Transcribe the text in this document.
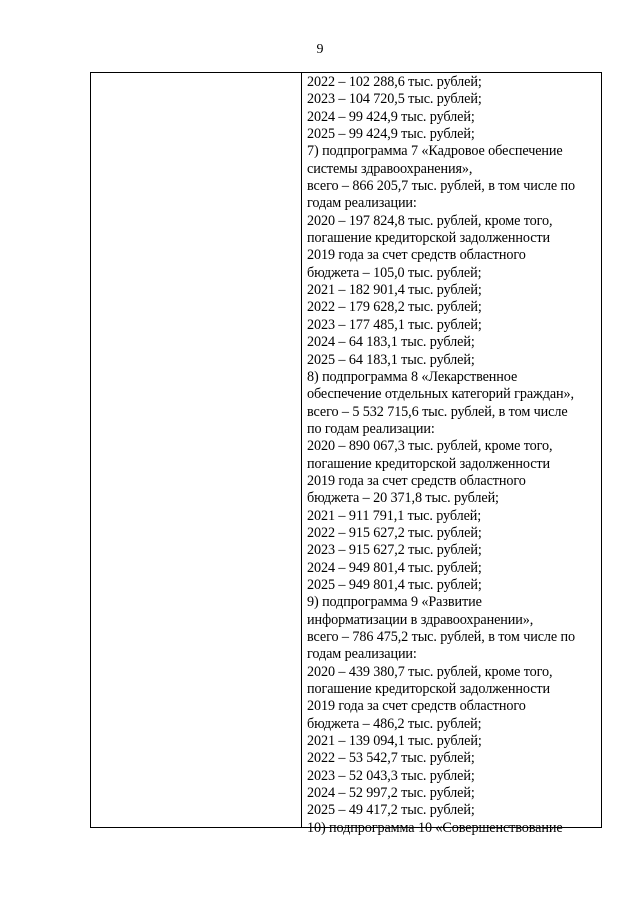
9
2022 – 102 288,6 тыс. рублей;
2023 – 104 720,5 тыс. рублей;
2024 – 99 424,9 тыс. рублей;
2025 – 99 424,9 тыс. рублей;
7) подпрограмма 7 «Кадровое обеспечение
системы здравоохранения»,
всего – 866 205,7 тыс. рублей, в том числе по
годам реализации:
2020 – 197 824,8 тыс. рублей, кроме того,
погашение кредиторской задолженности
2019 года за счет средств областного
бюджета – 105,0 тыс. рублей;
2021 – 182 901,4 тыс. рублей;
2022 – 179 628,2 тыс. рублей;
2023 – 177 485,1 тыс. рублей;
2024 – 64 183,1 тыс. рублей;
2025 – 64 183,1 тыс. рублей;
8) подпрограмма 8 «Лекарственное
обеспечение отдельных категорий граждан»,
всего – 5 532 715,6 тыс. рублей, в том числе
по годам реализации:
2020 – 890 067,3 тыс. рублей, кроме того,
погашение кредиторской задолженности
2019 года за счет средств областного
бюджета – 20 371,8 тыс. рублей;
2021 – 911 791,1 тыс. рублей;
2022 – 915 627,2 тыс. рублей;
2023 – 915 627,2 тыс. рублей;
2024 – 949 801,4 тыс. рублей;
2025 – 949 801,4 тыс. рублей;
9) подпрограмма 9 «Развитие
информатизации в здравоохранении»,
всего – 786 475,2 тыс. рублей, в том числе по
годам реализации:
2020 – 439 380,7 тыс. рублей, кроме того,
погашение кредиторской задолженности
2019 года за счет средств областного
бюджета – 486,2 тыс. рублей;
2021 – 139 094,1 тыс. рублей;
2022 – 53 542,7 тыс. рублей;
2023 – 52 043,3 тыс. рублей;
2024 – 52 997,2 тыс. рублей;
2025 – 49 417,2 тыс. рублей;
10) подпрограмма 10 «Совершенствование
